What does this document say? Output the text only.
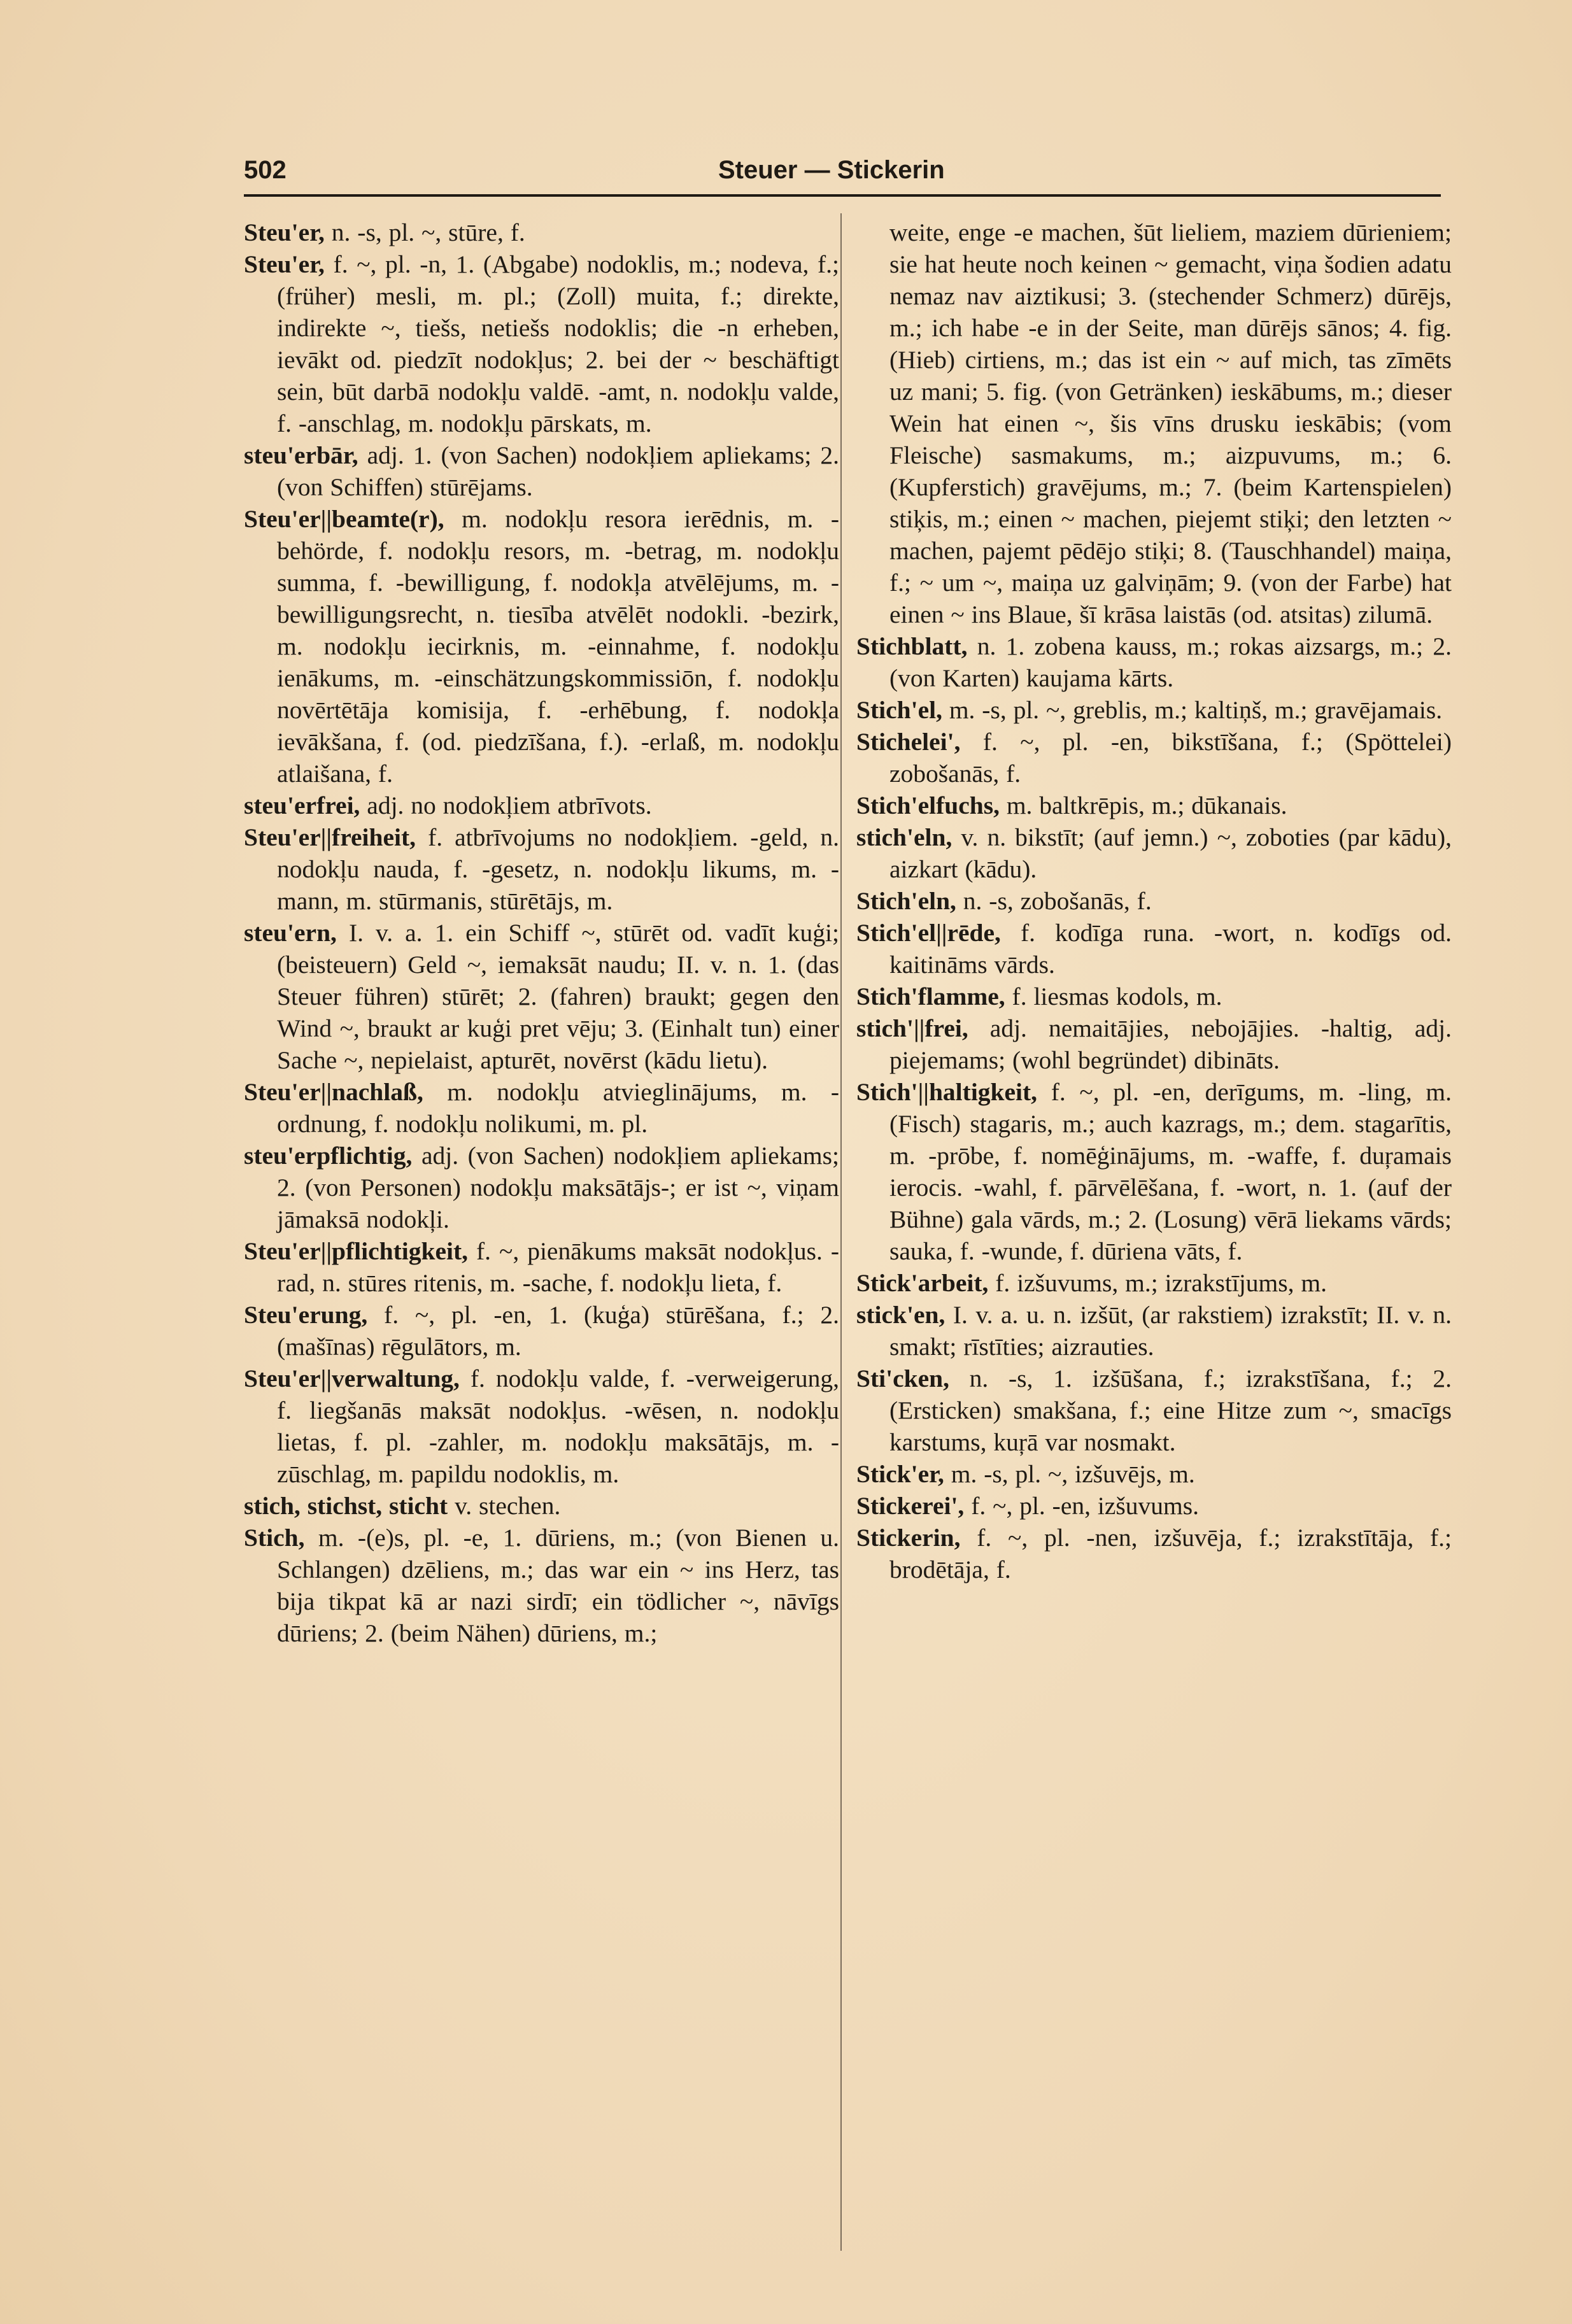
502	Steuer — Stickerin

Steu'er, n. -s, pl. ~, stūre, f.

Steu'er, f. ~, pl. -n, 1. (Abgabe) nodoklis, m.; nodeva, f.; (früher) mesli, m. pl.; (Zoll) muita, f.; direkte, indirekte ~, tiešs, netiešs nodoklis; die -n erheben, ievākt od. piedzīt nodokļus; 2. bei der ~ beschäftigt sein, būt darbā nodokļu valdē. -amt, n. nodokļu valde, f. -anschlag, m. nodokļu pārskats, m.

steu'erbār, adj. 1. (von Sachen) nodokļiem apliekams; 2. (von Schiffen) stūrējams.

Steu'er||beamte(r), m. nodokļu resora ierēdnis, m. -behörde, f. nodokļu resors, m. -betrag, m. nodokļu summa, f. -bewilligung, f. nodokļa atvēlējums, m. -bewilligungsrecht, n. tiesība atvēlēt nodokli. -bezirk, m. nodokļu iecirknis, m. -einnahme, f. nodokļu ienākums, m. -einschätzungskommissiōn, f. nodokļu novērtētāja komisija, f. -erhēbung, f. nodokļa ievākšana, f. (od. piedzīšana, f.). -erlaß, m. nodokļu atlaišana, f.

steu'erfrei, adj. no nodokļiem atbrīvots.

Steu'er||freiheit, f. atbrīvojums no nodokļiem. -geld, n. nodokļu nauda, f. -gesetz, n. nodokļu likums, m. -mann, m. stūrmanis, stūrētājs, m.

steu'ern, I. v. a. 1. ein Schiff ~, stūrēt od. vadīt kuģi; (beisteuern) Geld ~, iemaksāt naudu; II. v. n. 1. (das Steuer führen) stūrēt; 2. (fahren) braukt; gegen den Wind ~, braukt ar kuģi pret vēju; 3. (Einhalt tun) einer Sache ~, nepielaist, apturēt, novērst (kādu lietu).

Steu'er||nachlaß, m. nodokļu atvieglinājums, m. -ordnung, f. nodokļu nolikumi, m. pl.

steu'erpflichtig, adj. (von Sachen) nodokļiem apliekams; 2. (von Personen) nodokļu maksātājs-; er ist ~, viņam jāmaksā nodokļi.

Steu'er||pflichtigkeit, f. ~, pienākums maksāt nodokļus. -rad, n. stūres ritenis, m. -sache, f. nodokļu lieta, f.

Steu'erung, f. ~, pl. -en, 1. (kuģa) stūrēšana, f.; 2. (mašīnas) rēgulātors, m.

Steu'er||verwaltung, f. nodokļu valde, f. -verweigerung, f. liegšanās maksāt nodokļus. -wēsen, n. nodokļu lietas, f. pl. -zahler, m. nodokļu maksātājs, m. -zūschlag, m. papildu nodoklis, m.

stich, stichst, sticht v. stechen.

Stich, m. -(e)s, pl. -e, 1. dūriens, m.; (von Bienen u. Schlangen) dzēliens, m.; das war ein ~ ins Herz, tas bija tikpat kā ar nazi sirdī; ein tödlicher ~, nāvīgs dūriens; 2. (beim Nähen) dūriens, m.;

weite, enge -e machen, šūt lieliem, maziem dūrieniem; sie hat heute noch keinen ~ gemacht, viņa šodien adatu nemaz nav aiztikusi; 3. (stechender Schmerz) dūrējs, m.; ich habe -e in der Seite, man dūrējs sānos; 4. fig. (Hieb) cirtiens, m.; das ist ein ~ auf mich, tas zīmēts uz mani; 5. fig. (von Getränken) ieskābums, m.; dieser Wein hat einen ~, šis vīns drusku ieskābis; (vom Fleische) sasmakums, m.; aizpuvums, m.; 6. (Kupferstich) gravējums, m.; 7. (beim Kartenspielen) stiķis, m.; einen ~ machen, piejemt stiķi; den letzten ~ machen, pajemt pēdējo stiķi; 8. (Tauschhandel) maiņa, f.; ~ um ~, maiņa uz galviņām; 9. (von der Farbe) hat einen ~ ins Blaue, šī krāsa laistās (od. atsitas) zilumā.

Stichblatt, n. 1. zobena kauss, m.; rokas aizsargs, m.; 2. (von Karten) kaujama kārts.

Stich'el, m. -s, pl. ~, greblis, m.; kaltiņš, m.; gravējamais.

Stichelei', f. ~, pl. -en, bikstīšana, f.; (Spöttelei) zobošanās, f.

Stich'elfuchs, m. baltkrēpis, m.; dūkanais.

stich'eln, v. n. bikstīt; (auf jemn.) ~, zoboties (par kādu), aizkart (kādu).

Stich'eln, n. -s, zobošanās, f.

Stich'el||rēde, f. kodīga runa. -wort, n. kodīgs od. kaitināms vārds.

Stich'flamme, f. liesmas kodols, m.

stich'||frei, adj. nemaitājies, nebojājies. -haltig, adj. piejemams; (wohl begründet) dibināts.

Stich'||haltigkeit, f. ~, pl. -en, derīgums, m. -ling, m. (Fisch) stagaris, m.; auch kazrags, m.; dem. stagarītis, m. -prōbe, f. nomēģinājums, m. -waffe, f. duŗamais ierocis. -wahl, f. pārvēlēšana, f. -wort, n. 1. (auf der Bühne) gala vārds, m.; 2. (Losung) vērā liekams vārds; sauka, f. -wunde, f. dūriena vāts, f.

Stick'arbeit, f. izšuvums, m.; izrakstījums, m.

stick'en, I. v. a. u. n. izšūt, (ar rakstiem) izrakstīt; II. v. n. smakt; rīstīties; aizrauties.

Sti'cken, n. -s, 1. izšūšana, f.; izrakstīšana, f.; 2. (Ersticken) smakšana, f.; eine Hitze zum ~, smacīgs karstums, kuŗā var nosmakt.

Stick'er, m. -s, pl. ~, izšuvējs, m.

Stickerei', f. ~, pl. -en, izšuvums.

Stickerin, f. ~, pl. -nen, izšuvēja, f.; izrakstītāja, f.; brodētāja, f.
